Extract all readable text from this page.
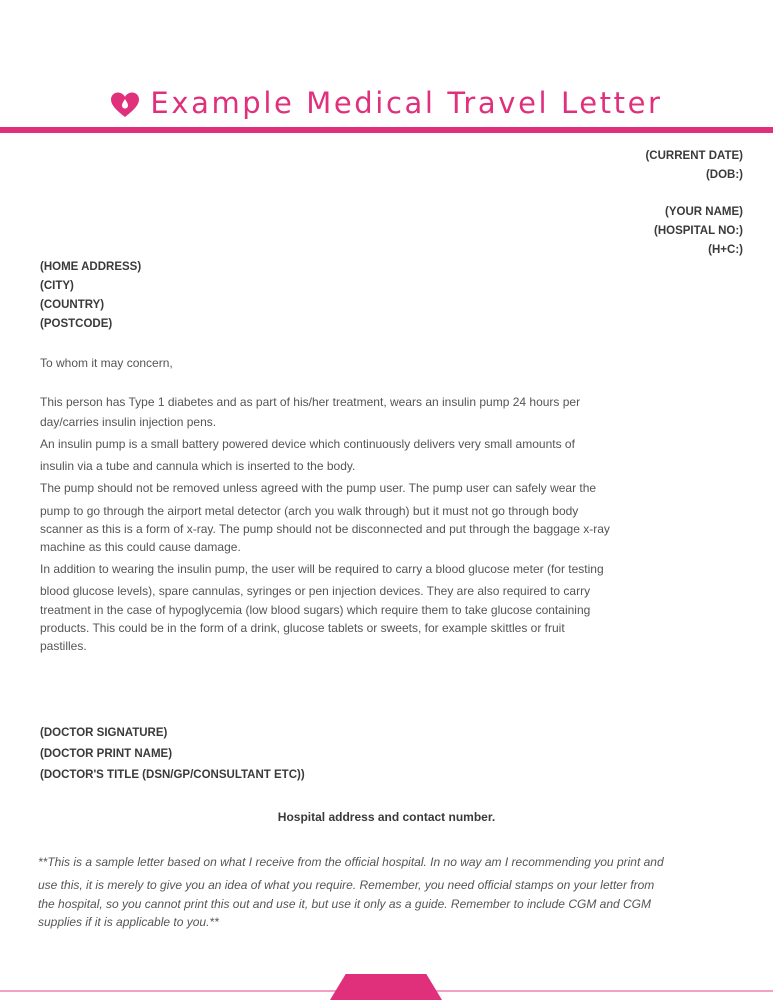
Example Medical Travel Letter
(CURRENT DATE)
(DOB:)
(YOUR NAME)
(HOSPITAL NO:)
(H+C:)
(HOME ADDRESS)
(CITY)
(COUNTRY)
(POSTCODE)
To whom it may concern,
This person has Type 1 diabetes and as part of his/her treatment, wears an insulin pump 24 hours per
day/carries insulin injection pens.
An insulin pump is a small battery powered device which continuously delivers very small amounts of
insulin via a tube and cannula which is inserted to the body.
The pump should not be removed unless agreed with the pump user. The pump user can safely wear the
pump to go through the airport metal detector (arch you walk through) but it must not go through body
scanner as this is a form of x-ray. The pump should not be disconnected and put through the baggage x-ray
machine as this could cause damage.
In addition to wearing the insulin pump, the user will be required to carry a blood glucose meter (for testing
blood glucose levels), spare cannulas, syringes or pen injection devices. They are also required to carry
treatment in the case of hypoglycemia (low blood sugars) which require them to take glucose containing
products. This could be in the form of a drink, glucose tablets or sweets, for example skittles or fruit
pastilles.
(DOCTOR SIGNATURE)
(DOCTOR PRINT NAME)
(DOCTOR'S TITLE (DSN/GP/CONSULTANT ETC))
Hospital address and contact number.
**This is a sample letter based on what I receive from the official hospital. In no way am I recommending you print and
use this, it is merely to give you an idea of what you require. Remember, you need official stamps on your letter from
the hospital, so you cannot print this out and use it, but use it only as a guide. Remember to include CGM and CGM
supplies if it is applicable to you.**
